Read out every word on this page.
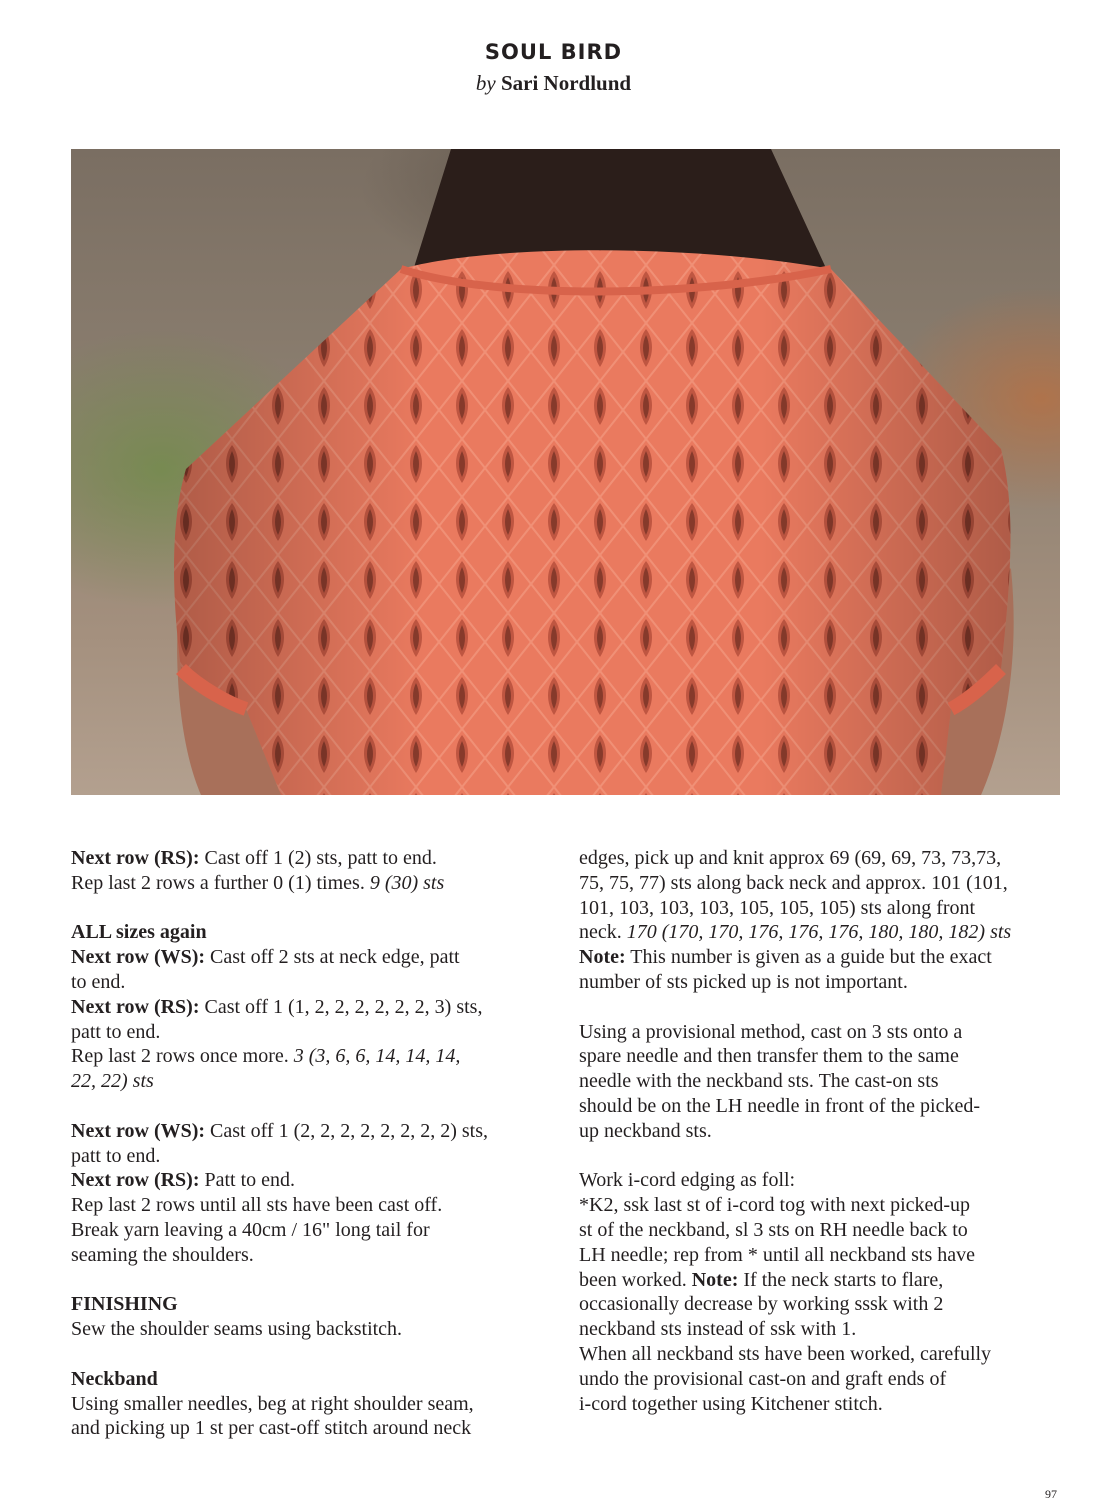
SOUL BIRD
by Sari Nordlund

Next row (RS): Cast off 1 (2) sts, patt to end.

Rep last 2 rows a further 0 (1) times. 9 (30) sts

ALL sizes again

Next row (WS): Cast off 2 sts at neck edge, patt

to end.

Next row (RS): Cast off 1 (1, 2, 2, 2, 2, 2, 2, 3) sts,

patt to end.

Rep last 2 rows once more. 3 (3, 6, 6, 14, 14, 14,

22, 22) sts

Next row (WS): Cast off 1 (2, 2, 2, 2, 2, 2, 2, 2) sts,

patt to end.

Next row (RS): Patt to end.

Rep last 2 rows until all sts have been cast off.

Break yarn leaving a 40cm / 16" long tail for

seaming the shoulders.

FINISHING

Sew the shoulder seams using backstitch.

Neckband

Using smaller needles, beg at right shoulder seam,

and picking up 1 st per cast-off stitch around neck

edges, pick up and knit approx 69 (69, 69, 73, 73,73,

75, 75, 77) sts along back neck and approx. 101 (101,

101, 103, 103, 103, 105, 105, 105) sts along front

neck. 170 (170, 170, 176, 176, 176, 180, 180, 182) sts

Note: This number is given as a guide but the exact

number of sts picked up is not important.

Using a provisional method, cast on 3 sts onto a

spare needle and then transfer them to the same

needle with the neckband sts. The cast-on sts

should be on the LH needle in front of the picked-

up neckband sts.

Work i-cord edging as foll:

*K2, ssk last st of i-cord tog with next picked-up

st of the neckband, sl 3 sts on RH needle back to

LH needle; rep from * until all neckband sts have

been worked. Note: If the neck starts to flare,

occasionally decrease by working sssk with 2

neckband sts instead of ssk with 1.

When all neckband sts have been worked, carefully

undo the provisional cast-on and graft ends of

i-cord together using Kitchener stitch.

97
